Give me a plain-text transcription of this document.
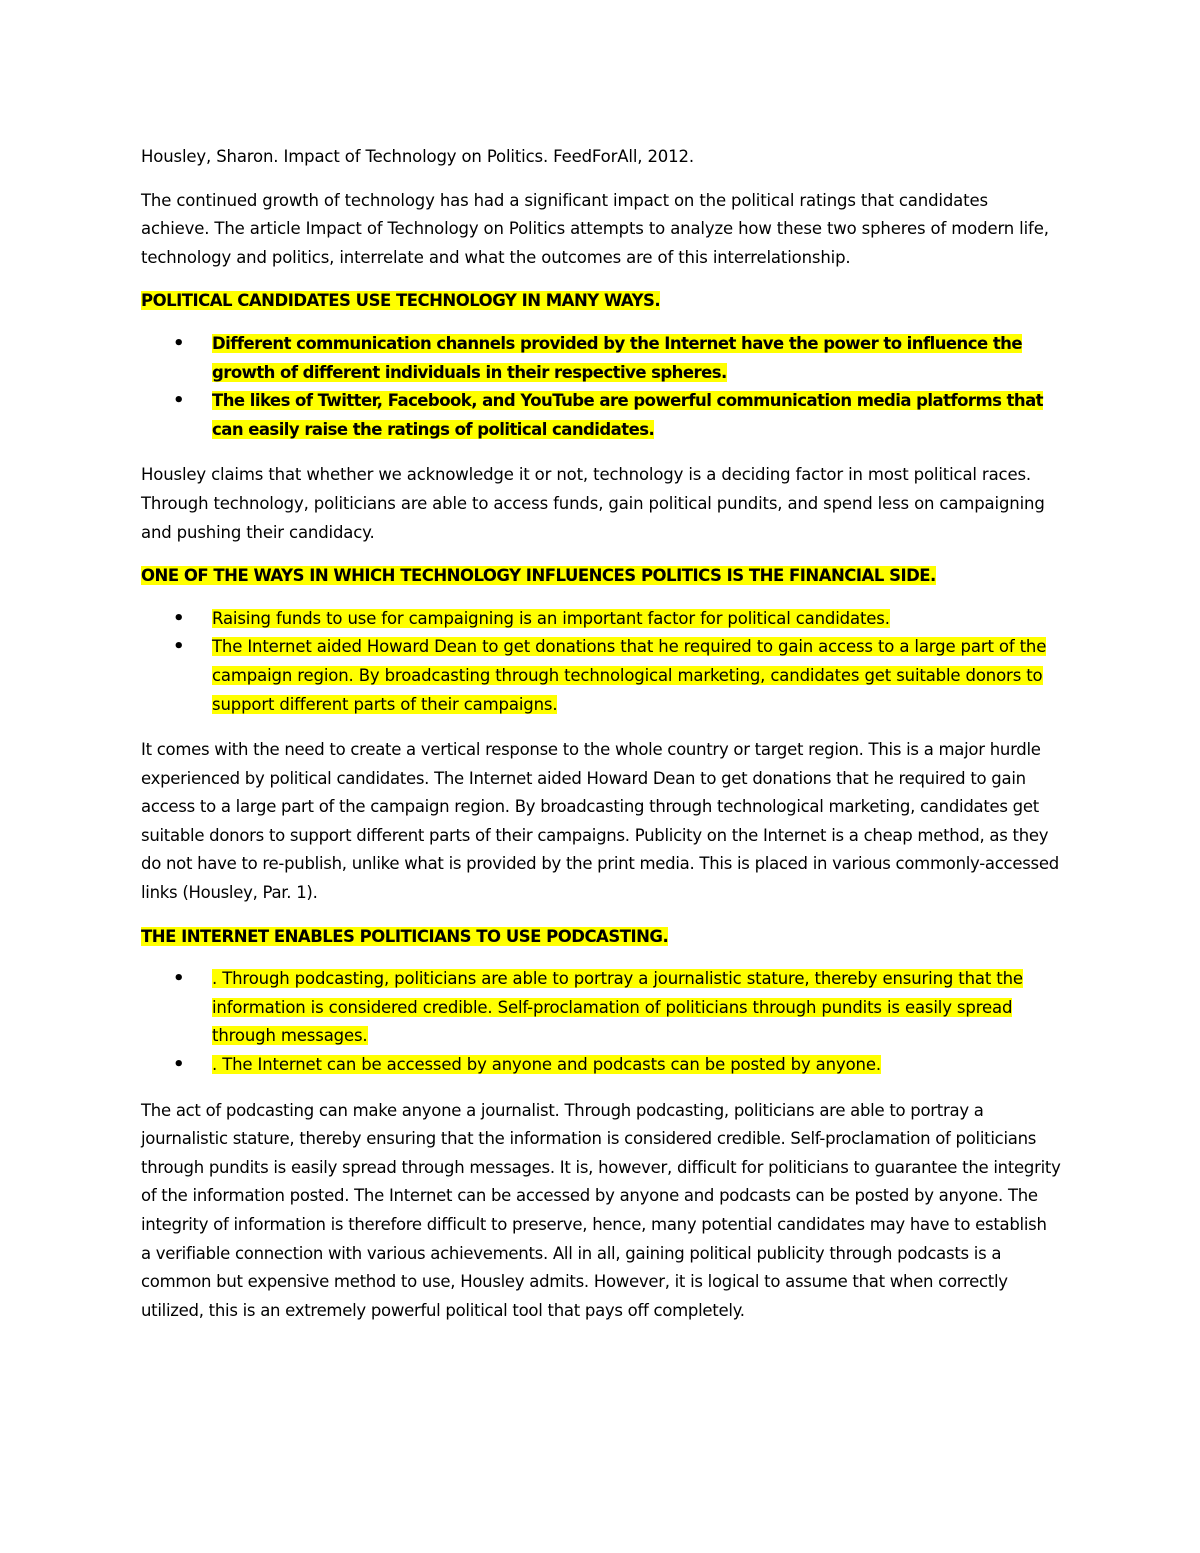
Housley, Sharon. Impact of Technology on Politics. FeedForAll, 2012.

The continued growth of technology has had a significant impact on the political ratings that candidates achieve. The article Impact of Technology on Politics attempts to analyze how these two spheres of modern life, technology and politics, interrelate and what the outcomes are of this interrelationship.

POLITICAL CANDIDATES USE TECHNOLOGY IN MANY WAYS.

•	Different communication channels provided by the Internet have the power to influence the growth of different individuals in their respective spheres.
•	The likes of Twitter, Facebook, and YouTube are powerful communication media platforms that can easily raise the ratings of political candidates.

Housley claims that whether we acknowledge it or not, technology is a deciding factor in most political races. Through technology, politicians are able to access funds, gain political pundits, and spend less on campaigning and pushing their candidacy.

ONE OF THE WAYS IN WHICH TECHNOLOGY INFLUENCES POLITICS IS THE FINANCIAL SIDE.

•	Raising funds to use for campaigning is an important factor for political candidates.
•	The Internet aided Howard Dean to get donations that he required to gain access to a large part of the campaign region. By broadcasting through technological marketing, candidates get suitable donors to support different parts of their campaigns.

It comes with the need to create a vertical response to the whole country or target region. This is a major hurdle experienced by political candidates. The Internet aided Howard Dean to get donations that he required to gain access to a large part of the campaign region. By broadcasting through technological marketing, candidates get suitable donors to support different parts of their campaigns. Publicity on the Internet is a cheap method, as they do not have to re-publish, unlike what is provided by the print media. This is placed in various commonly-accessed links (Housley, Par. 1).

THE INTERNET ENABLES POLITICIANS TO USE PODCASTING.

•	. Through podcasting, politicians are able to portray a journalistic stature, thereby ensuring that the information is considered credible. Self-proclamation of politicians through pundits is easily spread through messages.
•	. The Internet can be accessed by anyone and podcasts can be posted by anyone.

The act of podcasting can make anyone a journalist. Through podcasting, politicians are able to portray a journalistic stature, thereby ensuring that the information is considered credible. Self-proclamation of politicians through pundits is easily spread through messages. It is, however, difficult for politicians to guarantee the integrity of the information posted. The Internet can be accessed by anyone and podcasts can be posted by anyone. The integrity of information is therefore difficult to preserve, hence, many potential candidates may have to establish a verifiable connection with various achievements. All in all, gaining political publicity through podcasts is a common but expensive method to use, Housley admits. However, it is logical to assume that when correctly utilized, this is an extremely powerful political tool that pays off completely.
